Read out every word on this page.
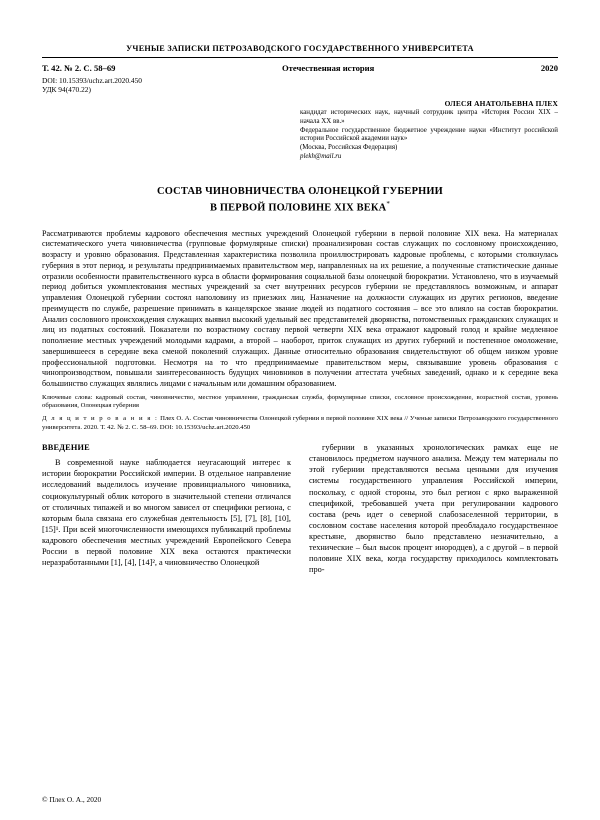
УЧЕНЫЕ ЗАПИСКИ ПЕТРОЗАВОДСКОГО ГОСУДАРСТВЕННОГО УНИВЕРСИТЕТА
Т. 42. № 2. С. 58–69	Отечественная история	2020
DOI: 10.15393/uchz.art.2020.450
УДК 94(470.22)
ОЛЕСЯ АНАТОЛЬЕВНА ПЛЕХ
кандидат исторических наук, научный сотрудник центра «История России XIX – начала XX вв.»
Федеральное государственное бюджетное учреждение науки «Институт российской истории Российской академии наук»
(Москва, Российская Федерация)
plekh@mail.ru
СОСТАВ ЧИНОВНИЧЕСТВА ОЛОНЕЦКОЙ ГУБЕРНИИ
В ПЕРВОЙ ПОЛОВИНЕ XIX ВЕКА*
Рассматриваются проблемы кадрового обеспечения местных учреждений Олонецкой губернии в первой половине XIX века. На материалах систематического учета чиновничества (групповые формулярные списки) проанализирован состав служащих по сословному происхождению, возрасту и уровню образования. Представленная характеристика позволила проиллюстрировать кадровые проблемы, с которыми столкнулась губерния в этот период, и результаты предпринимаемых правительством мер, направленных на их решение, а полученные статистические данные отразили особенности правительственного курса в области формирования социальной базы олонецкой бюрократии. Установлено, что в изучаемый период добиться укомплектования местных учреждений за счет внутренних ресурсов губернии не представлялось возможным, и аппарат управления Олонецкой губернии состоял наполовину из приезжих лиц. Назначение на должности служащих из других регионов, введение преимуществ по службе, разрешение принимать в канцелярское звание людей из податного состояния – все это влияло на состав бюрократии. Анализ сословного происхождения служащих выявил высокий удельный вес представителей дворянства, потомственных гражданских служащих и лиц из податных состояний. Показатели по возрастному составу первой четверти XIX века отражают кадровый голод и крайне медленное пополнение местных учреждений молодыми кадрами, а второй – наоборот, приток служащих из других губерний и постепенное омоложение, завершившееся в середине века сменой поколений служащих. Данные относительно образования свидетельствуют об общем низком уровне профессиональной подготовки. Несмотря на то что предпринимаемые правительством меры, связывавшие уровень образования с чинопроизводством, повышали заинтересованность будущих чиновников в получении аттестата учебных заведений, однако и к середине века большинство служащих являлись лицами с начальным или домашним образованием.
Ключевые слова: кадровый состав, чиновничество, местное управление, гражданская служба, формулярные списки, сословное происхождение, возрастной состав, уровень образования, Олонецкая губерния
Д л я ц и т и р о в а н и я : Плех О. А. Состав чиновничества Олонецкой губернии в первой половине XIX века // Ученые записки Петрозаводского государственного университета. 2020. Т. 42. № 2. С. 58–69. DOI: 10.15393/uchz.art.2020.450
ВВЕДЕНИЕ

В современной науке наблюдается неугасающий интерес к истории бюрократии Российской империи. В отдельное направление исследований выделилось изучение провинциального чиновника, социокультурный облик которого в значительной степени отличался от столичных типажей и во многом зависел от специфики региона, с которым была связана его служебная деятельность [5], [7], [8], [10], [15]¹. При всей многочисленности имеющихся публикаций проблемы кадрового обеспечения местных учреждений Европейского Севера России в первой половине XIX века остаются практически неразработанными [1], [4], [14]², а чиновничество Олонецкой

губернии в указанных хронологических рамках еще не становилось предметом научного анализа. Между тем материалы по этой губернии представляются весьма ценными для изучения системы государственного управления Российской империи, поскольку, с одной стороны, это был регион с ярко выраженной спецификой, требовавшей учета при регулировании кадрового состава (речь идет о северной слабозаселенной территории, в сословном составе населения которой преобладало государственное крестьяне, дворянство было представлено незначительно, а технические – был высок процент инородцев), а с другой – в первой половине XIX века, когда государству приходилось комплектовать про-

© Плех О. А., 2020
